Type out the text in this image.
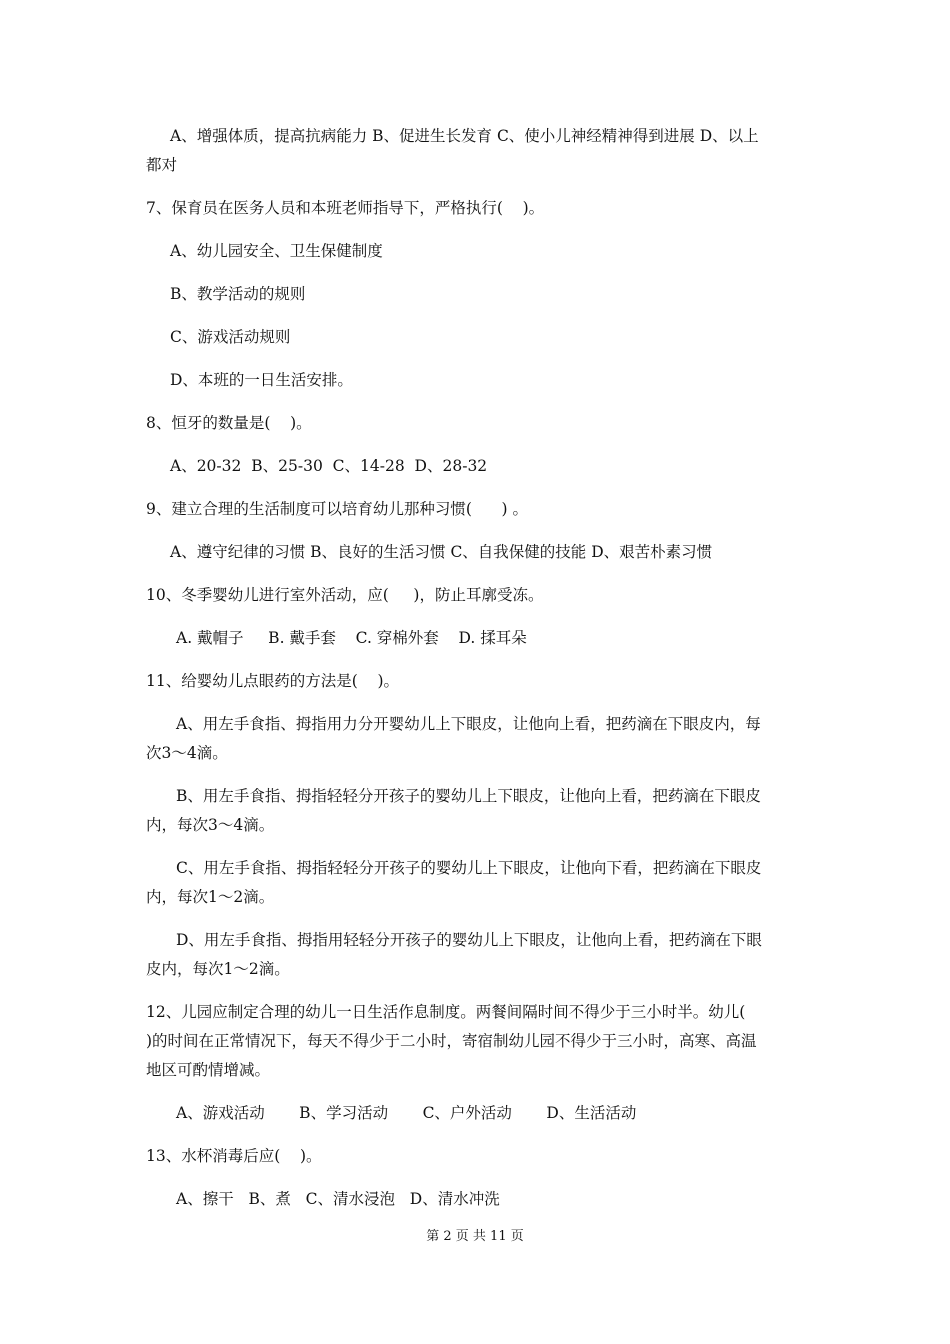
A、增强体质，提高抗病能力 B、促进生长发育 C、使小儿神经精神得到进展 D、以上
都对
7、保育员在医务人员和本班老师指导下，严格执行(    )。
A、幼儿园安全、卫生保健制度
B、教学活动的规则
C、游戏活动规则
D、本班的一日生活安排。
8、恒牙的数量是(    )。
A、20-32  B、25-30  C、14-28  D、28-32
9、建立合理的生活制度可以培育幼儿那种习惯(      ) 。
A、遵守纪律的习惯 B、良好的生活习惯 C、自我保健的技能 D、艰苦朴素习惯
10、冬季婴幼儿进行室外活动，应(     )，防止耳廓受冻。
A. 戴帽子     B. 戴手套    C. 穿棉外套    D. 揉耳朵
11、给婴幼儿点眼药的方法是(    )。
A、用左手食指、拇指用力分开婴幼儿上下眼皮，让他向上看，把药滴在下眼皮内，每
次3～4滴。
B、用左手食指、拇指轻轻分开孩子的婴幼儿上下眼皮，让他向上看，把药滴在下眼皮
内，每次3～4滴。
C、用左手食指、拇指轻轻分开孩子的婴幼儿上下眼皮，让他向下看，把药滴在下眼皮
内，每次1～2滴。
D、用左手食指、拇指用轻轻分开孩子的婴幼儿上下眼皮，让他向上看，把药滴在下眼
皮内，每次1～2滴。
12、儿园应制定合理的幼儿一日生活作息制度。两餐间隔时间不得少于三小时半。幼儿(
)的时间在正常情况下，每天不得少于二小时，寄宿制幼儿园不得少于三小时，高寒、高温
地区可酌情增减。
A、游戏活动       B、学习活动       C、户外活动       D、生活活动
13、水杯消毒后应(    )。
A、擦干   B、煮   C、清水浸泡   D、清水冲洗
第 2 页 共 11 页
